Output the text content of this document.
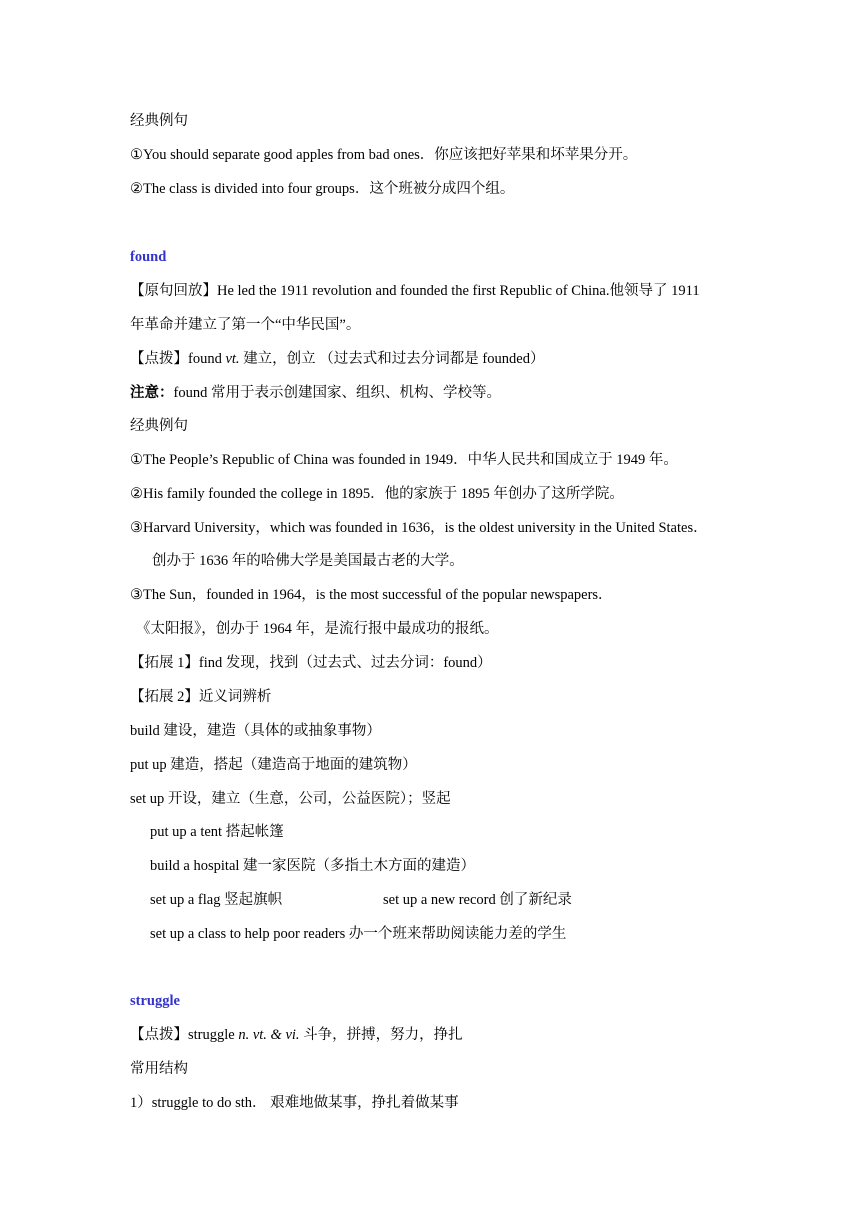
经典例句
①You should separate good apples from bad ones．你应该把好苹果和坏苹果分开。
②The class is divided into four groups．这个班被分成四个组。
found
【原句回放】He led the 1911 revolution and founded the first Republic of China.他领导了 1911
年革命并建立了第一个“中华民国”。
【点拨】found vt. 建立，创立 （过去式和过去分词都是 founded）
注意：found 常用于表示创建国家、组织、机构、学校等。
经典例句
①The People’s Republic of China was founded in 1949．中华人民共和国成立于 1949 年。
②His family founded the college in 1895．他的家族于 1895 年创办了这所学院。
③Harvard University，which was founded in 1636，is the oldest university in the United States．
创办于 1636 年的哈佛大学是美国最古老的大学。
③The Sun，founded in 1964，is the most successful of the popular newspapers．
《太阳报》，创办于 1964 年，是流行报中最成功的报纸。
【拓展 1】find 发现，找到（过去式、过去分词：found）
【拓展 2】近义词辨析
build 建设，建造（具体的或抽象事物）
put up 建造，搭起（建造高于地面的建筑物）
set up 开设，建立（生意，公司，公益医院）；竖起
put up a tent 搭起帐篷
build a hospital 建一家医院（多指土木方面的建造）
set up a flag 竖起旗帜	set up a new record 创了新纪录
set up a class to help poor readers 办一个班来帮助阅读能力差的学生
struggle
【点拨】struggle n. vt. & vi. 斗争，拼搏，努力，挣扎
常用结构
1）struggle to do sth． 艰难地做某事，挣扎着做某事
